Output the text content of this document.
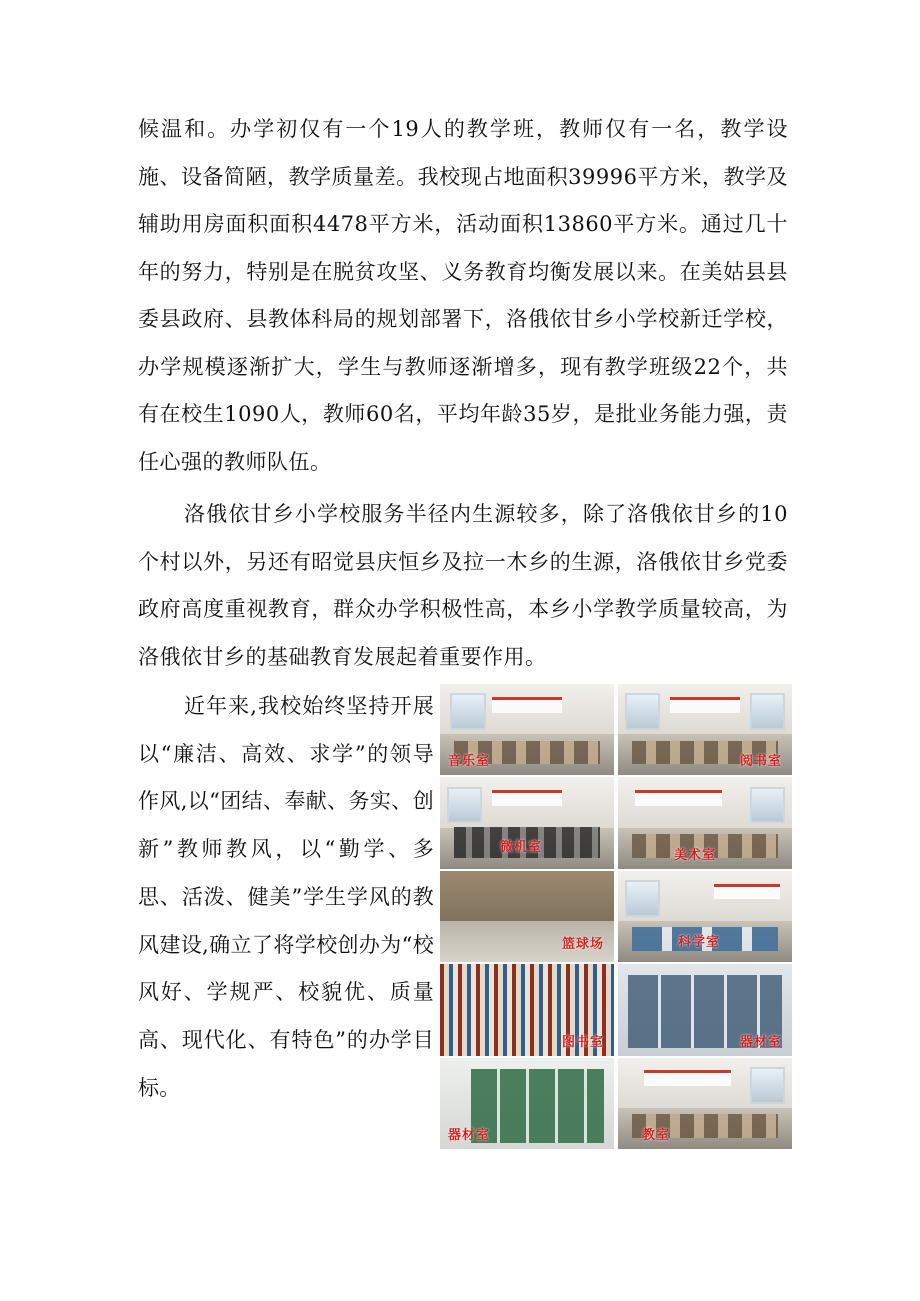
候温和。办学初仅有一个19人的教学班，教师仅有一名，教学设施、设备简陋，教学质量差。我校现占地面积39996平方米，教学及辅助用房面积面积4478平方米，活动面积13860平方米。通过几十年的努力，特别是在脱贫攻坚、义务教育均衡发展以来。在美姑县县委县政府、县教体科局的规划部署下，洛俄依甘乡小学校新迁学校，办学规模逐渐扩大，学生与教师逐渐增多，现有教学班级22个，共有在校生1090人，教师60名，平均年龄35岁，是批业务能力强，责任心强的教师队伍。

洛俄依甘乡小学校服务半径内生源较多，除了洛俄依甘乡的10个村以外，另还有昭觉县庆恒乡及拉一木乡的生源，洛俄依甘乡党委政府高度重视教育，群众办学积极性高，本乡小学教学质量较高，为洛俄依甘乡的基础教育发展起着重要作用。

近年来,我校始终坚持开展以“廉洁、高效、求学”的领导作风,以“团结、奉献、务实、创新”教师教风，以“勤学、多思、活泼、健美”学生学风的教风建设,确立了将学校创办为“校风好、学规严、校貌优、质量高、现代化、有特色”的办学目标。

音乐室	阅书室
微机室
美术室
篮球场	科学室
图书室	器材室
器材室	教室
